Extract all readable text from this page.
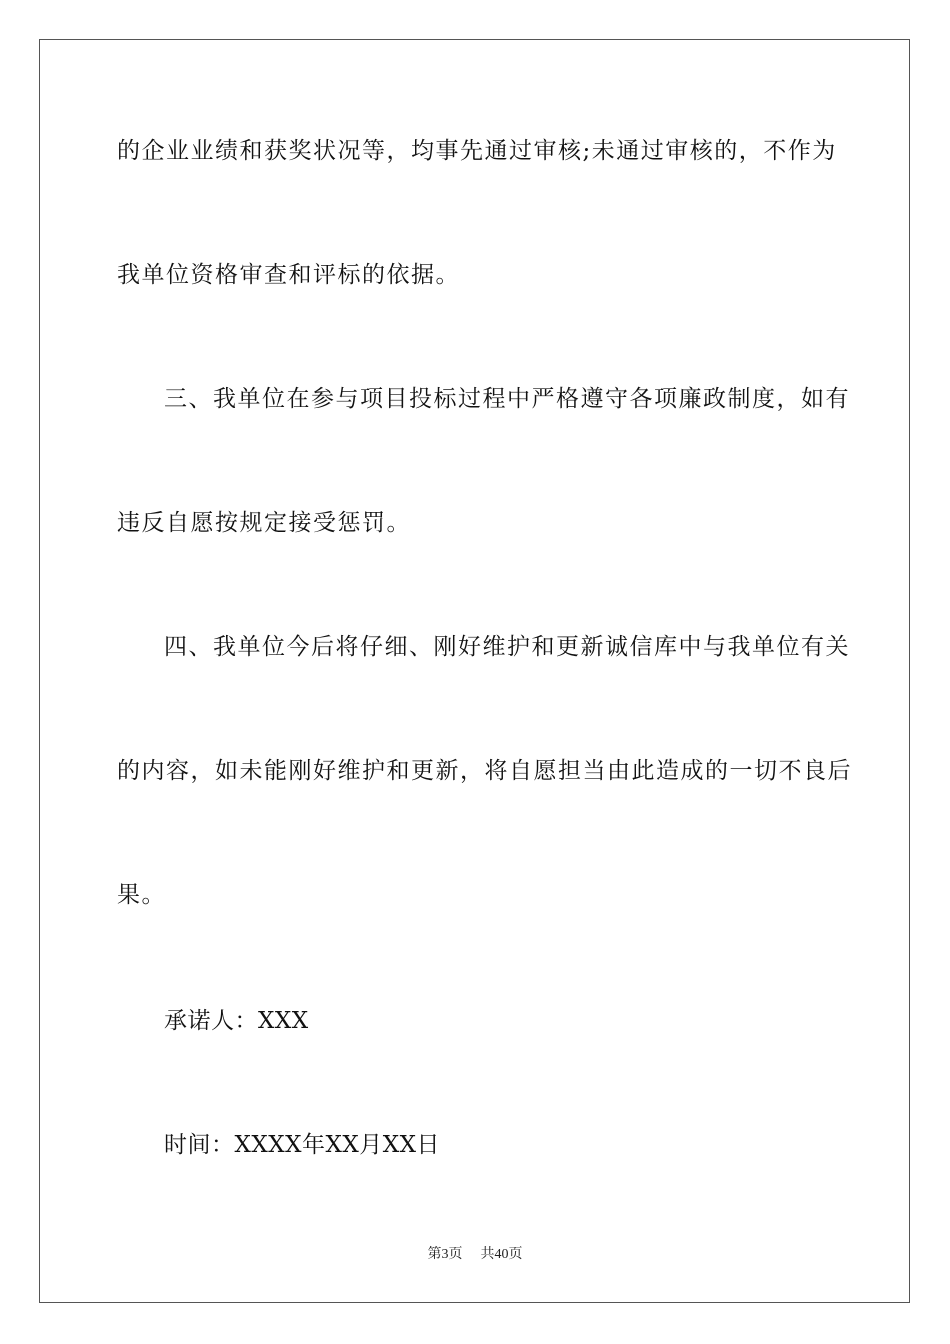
的企业业绩和获奖状况等，均事先通过审核;未通过审核的，不作为
我单位资格审查和评标的依据。
三、我单位在参与项目投标过程中严格遵守各项廉政制度，如有
违反自愿按规定接受惩罚。
四、我单位今后将仔细、刚好维护和更新诚信库中与我单位有关
的内容，如未能刚好维护和更新，将自愿担当由此造成的一切不良后
果。
承诺人：XXX
时间：XXXX年XX月XX日
第3页 共40页
